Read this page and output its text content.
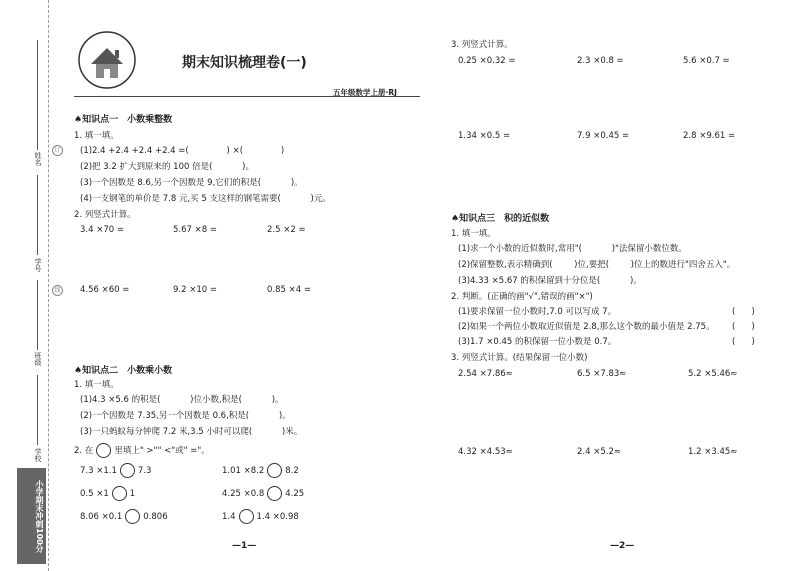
姓名
学号
班级
学校
订
线
小学期末冲刺100分
期末知识梳理卷(一)
五年级数学上册·RJ
♠知识点一　小数乘整数
1. 填一填。
(1)2.4 +2.4 +2.4 +2.4 =(              ) ×(              )
(2)把 3.2 扩大到原来的 100 倍是(           )。
(3)一个因数是 8.6,另一个因数是 9,它们的积是(           )。
(4)一支钢笔的单价是 7.8 元,买 5 支这样的钢笔需要(           )元。
2. 列竖式计算。
3.4 ×70 =	5.67 ×8 =	2.5 ×2 =
4.56 ×60 =	9.2 ×10 =	0.85 ×4 =
♠知识点二　小数乘小数
1. 填一填。
(1)4.3 ×5.6 的积是(           )位小数,积是(           )。
(2)一个因数是 7.35,另一个因数是 0.6,积是(           )。
(3)一只蚂蚁每分钟爬 7.2 米,3.5 小时可以爬(           )米。
2. 在 里填上" >"" <"或" ="。
7.3 ×1.1 7.3	1.01 ×8.2 8.2
0.5 ×1 1	4.25 ×0.8 4.25
8.06 ×0.1 0.806	1.4 1.4 ×0.98
—1—
3. 列竖式计算。
0.25 ×0.32 =	2.3 ×0.8 =	5.6 ×0.7 =
1.34 ×0.5 =	7.9 ×0.45 =	2.8 ×9.61 =
♠知识点三　积的近似数
1. 填一填。
(1)求一个小数的近似数时,常用"(           )"法保留小数位数。
(2)保留整数,表示精确到(        )位,要把(        )位上的数进行"四舍五入"。
(3)4.33 ×5.67 的积保留到十分位是(           )。
2. 判断。(正确的画"√",错误的画"×")
(1)要求保留一位小数时,7.0 可以写成 7。	(      )
(2)如果一个两位小数取近似值是 2.8,那么这个数的最小值是 2.75。 (      )
(3)1.7 ×0.45 的积保留一位小数是 0.7。	(      )
3. 列竖式计算。(结果保留一位小数)
2.54 ×7.86≈	6.5 ×7.83≈	5.2 ×5.46≈
4.32 ×4.53≈	2.4 ×5.2≈	1.2 ×3.45≈
—2—
